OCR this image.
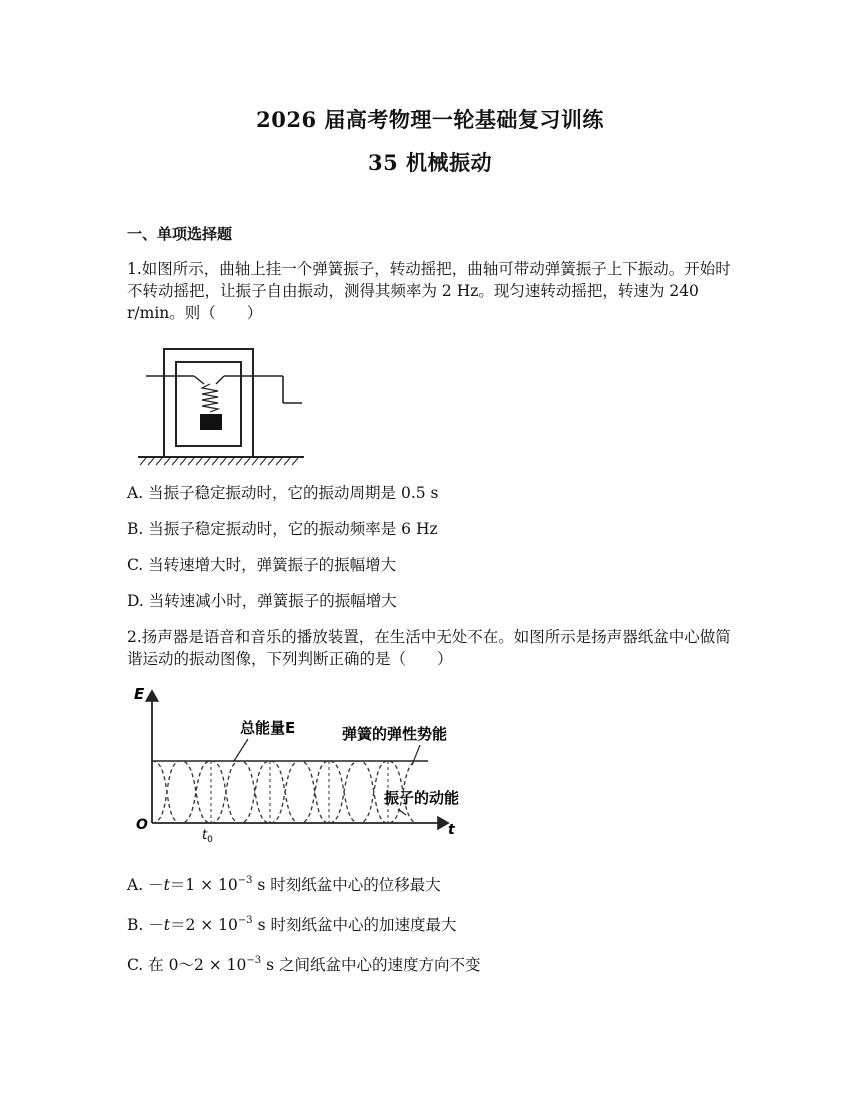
2026 届高考物理一轮基础复习训练
35 机械振动
一、单项选择题
1.如图所示，曲轴上挂一个弹簧振子，转动摇把，曲轴可带动弹簧振子上下振动。开始时不转动摇把，让振子自由振动，测得其频率为 2 Hz。现匀速转动摇把，转速为 240 r/min。则（　　）
A. 当振子稳定振动时，它的振动周期是 0.5 s
B. 当振子稳定振动时，它的振动频率是 6 Hz
C. 当转速增大时，弹簧振子的振幅增大
D. 当转速减小时，弹簧振子的振幅增大
2.扬声器是语音和音乐的播放装置，在生活中无处不在。如图所示是扬声器纸盆中心做简谐运动的振动图像，下列判断正确的是（　　）
E
t
O
$t_0$
总能量E	弹簧的弹性势能
振子的动能
A. $-t=1 \times 10^{-3}$ s 时刻纸盆中心的位移最大
B. $-t=2 \times 10^{-3}$ s 时刻纸盆中心的加速度最大
C. 在 0～2 × $10^{-3}$ s 之间纸盆中心的速度方向不变
